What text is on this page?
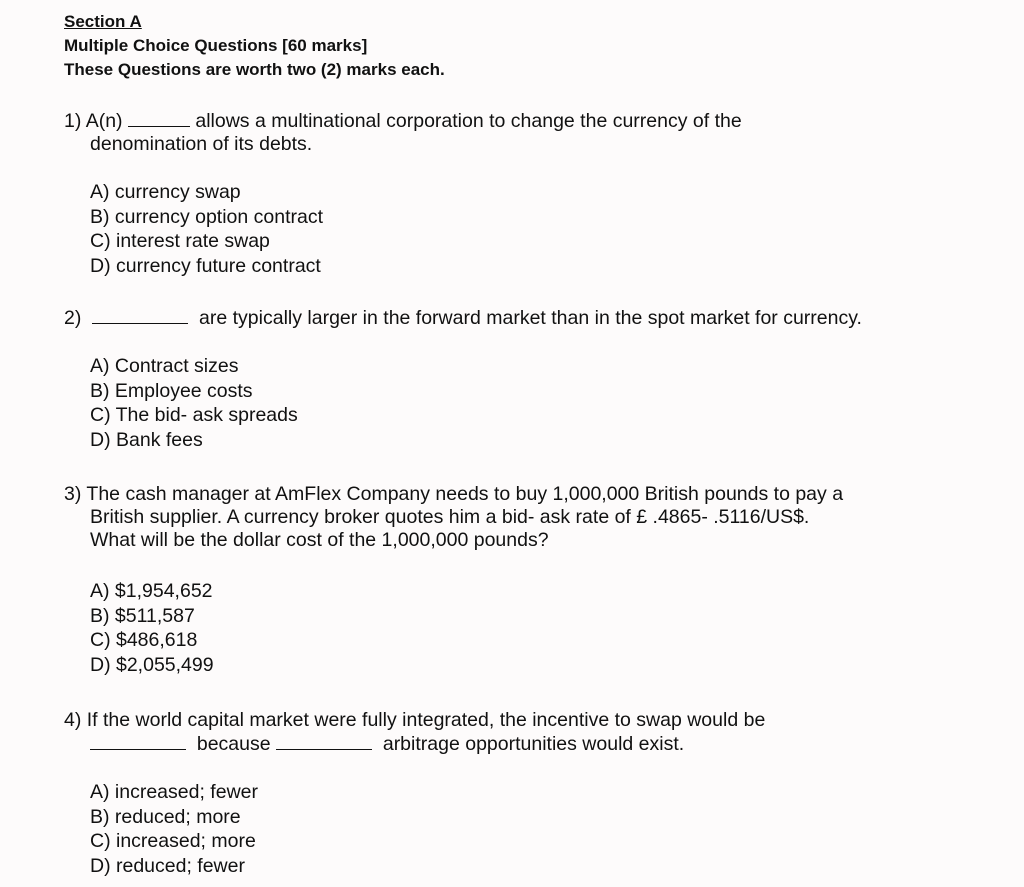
Section A
Multiple Choice Questions [60 marks]
These Questions are worth two (2) marks each.
1) A(n)	allows a multinational corporation to change the currency of the
denomination of its debts.
A) currency swap
B) currency option contract
C) interest rate swap
D) currency future contract
2)	are typically larger in the forward market than in the spot market for currency.
A) Contract sizes
B) Employee costs
C) The bid- ask spreads
D) Bank fees
3) The cash manager at AmFlex Company needs to buy 1,000,000 British pounds to pay a
British supplier. A currency broker quotes him a bid- ask rate of £ .4865- .5116/US$.
What will be the dollar cost of the 1,000,000 pounds?
A) $1,954,652
B) $511,587
C) $486,618
D) $2,055,499
4) If the world capital market were fully integrated, the incentive to swap would be
because	arbitrage opportunities would exist.
A) increased; fewer
B) reduced; more
C) increased; more
D) reduced; fewer
